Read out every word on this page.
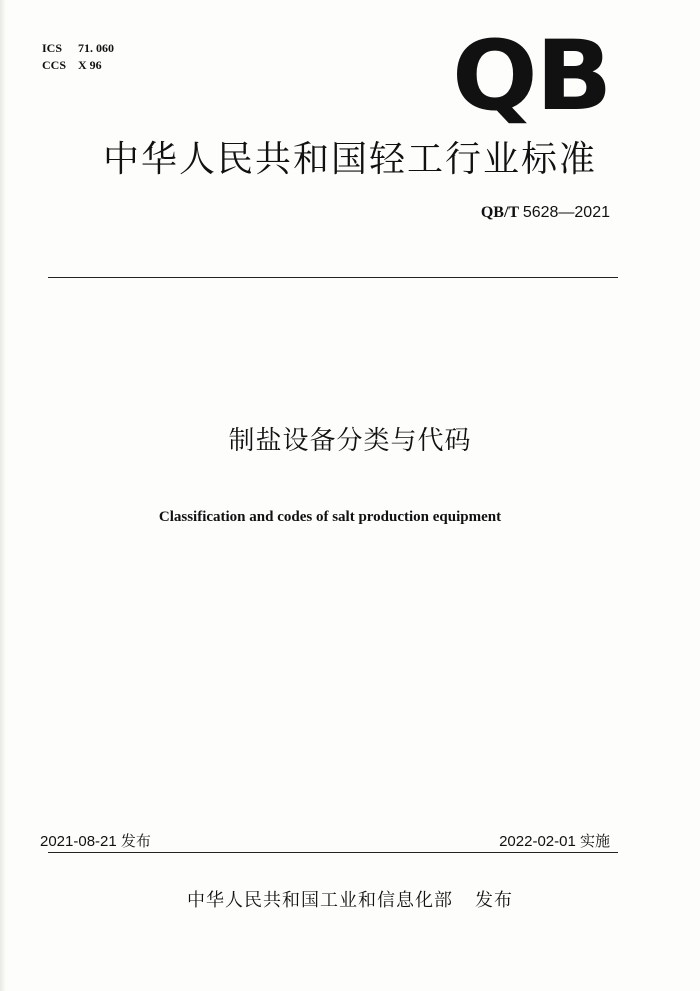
ICS 71. 060
CCS X 96	QB
中华人民共和国轻工行业标准
QB/T 5628—2021
制盐设备分类与代码
Classification and codes of salt production equipment
2021-08-21 发布	2022-02-01 实施
中华人民共和国工业和信息化部 发布
